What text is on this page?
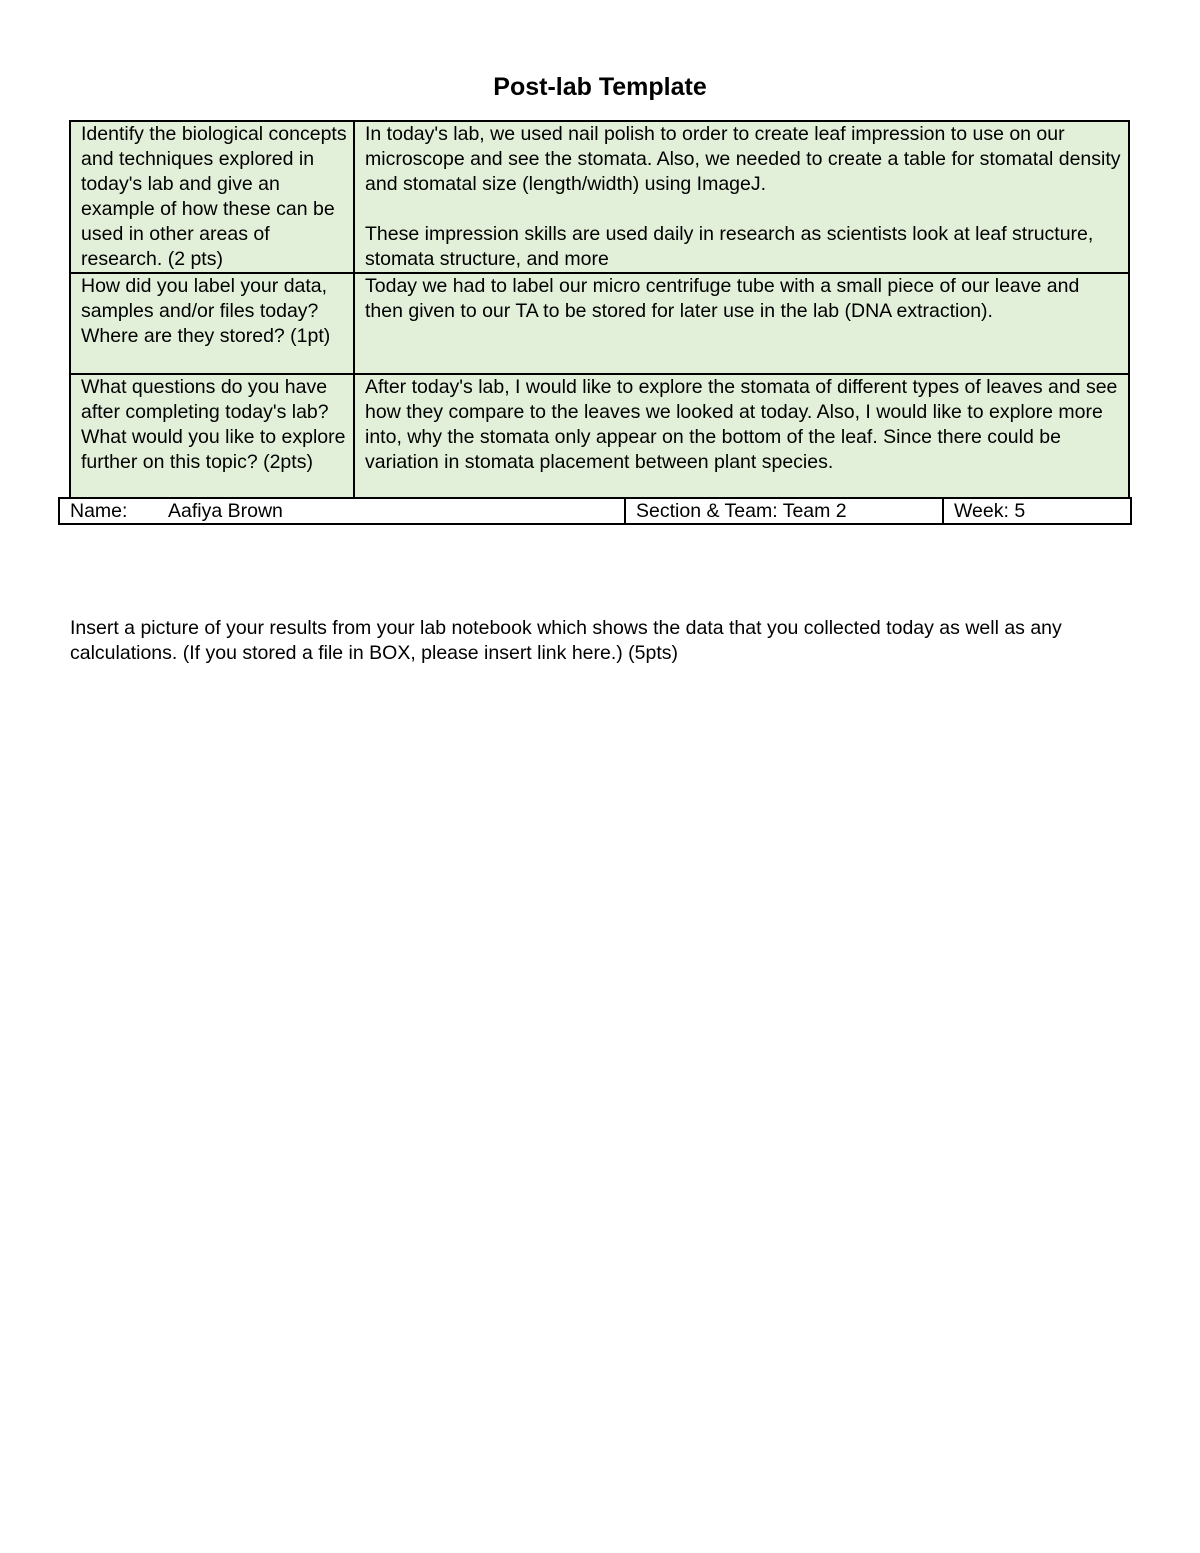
Post-lab Template
Identify the biological concepts and techniques explored in today's lab and give an example of how these can be used in other areas of research. (2 pts)	In today's lab, we used nail polish to order to create leaf impression to use on our microscope and see the stomata. Also, we needed to create a table for stomatal density and stomatal size (length/width) using ImageJ.
These impression skills are used daily in research as scientists look at leaf structure, stomata structure, and more

How did you label your data, samples and/or files today? Where are they stored? (1pt)	Today we had to label our micro centrifuge tube with a small piece of our leave and then given to our TA to be stored for later use in the lab (DNA extraction).

What questions do you have after completing today's lab? What would you like to explore further on this topic? (2pts)	After today's lab, I would like to explore the stomata of different types of leaves and see how they compare to the leaves we looked at today. Also, I would like to explore more into, why the stomata only appear on the bottom of the leaf. Since there could be variation in stomata placement between plant species.
Name: Aafiya Brown	Section & Team: Team 2	Week: 5
Insert a picture of your results from your lab notebook which shows the data that you collected today as well as any calculations. (If you stored a file in BOX, please insert link here.) (5pts)
